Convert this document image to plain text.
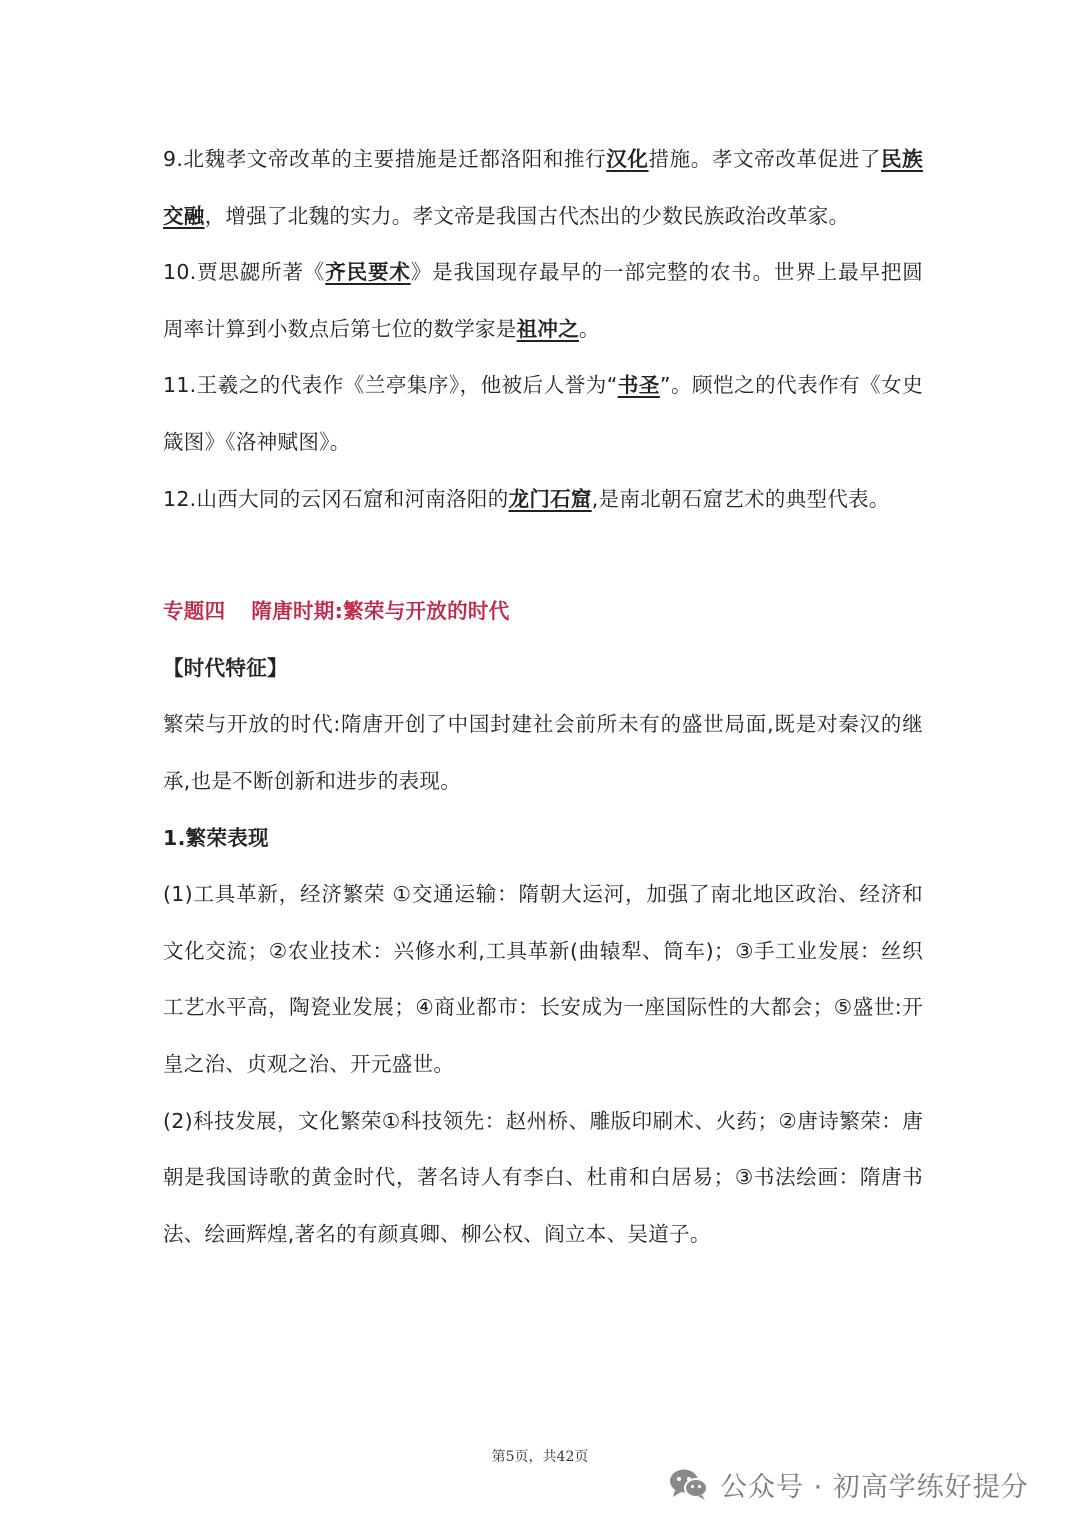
9.北魏孝文帝改革的主要措施是迁都洛阳和推行汉化措施。孝文帝改革促进了民族交融，增强了北魏的实力。孝文帝是我国古代杰出的少数民族政治改革家。

10.贾思勰所著《齐民要术》是我国现存最早的一部完整的农书。世界上最早把圆周率计算到小数点后第七位的数学家是祖冲之。

11.王羲之的代表作《兰亭集序》，他被后人誉为“书圣”。顾恺之的代表作有《女史箴图》《洛神赋图》。

12.山西大同的云冈石窟和河南洛阳的龙门石窟,是南北朝石窟艺术的典型代表。

专题四 隋唐时期:繁荣与开放的时代

【时代特征】

繁荣与开放的时代:隋唐开创了中国封建社会前所未有的盛世局面,既是对秦汉的继承,也是不断创新和进步的表现。

1.繁荣表现

(1)工具革新，经济繁荣 ①交通运输：隋朝大运河，加强了南北地区政治、经济和文化交流；②农业技术：兴修水利,工具革新(曲辕犁、筒车)；③手工业发展：丝织工艺水平高，陶瓷业发展；④商业都市：长安成为一座国际性的大都会；⑤盛世:开皇之治、贞观之治、开元盛世。

(2)科技发展，文化繁荣①科技领先：赵州桥、雕版印刷术、火药；②唐诗繁荣：唐朝是我国诗歌的黄金时代，著名诗人有李白、杜甫和白居易；③书法绘画：隋唐书法、绘画辉煌,著名的有颜真卿、柳公权、阎立本、吴道子。

第5页，共42页
公众号 · 初高学练好提分
